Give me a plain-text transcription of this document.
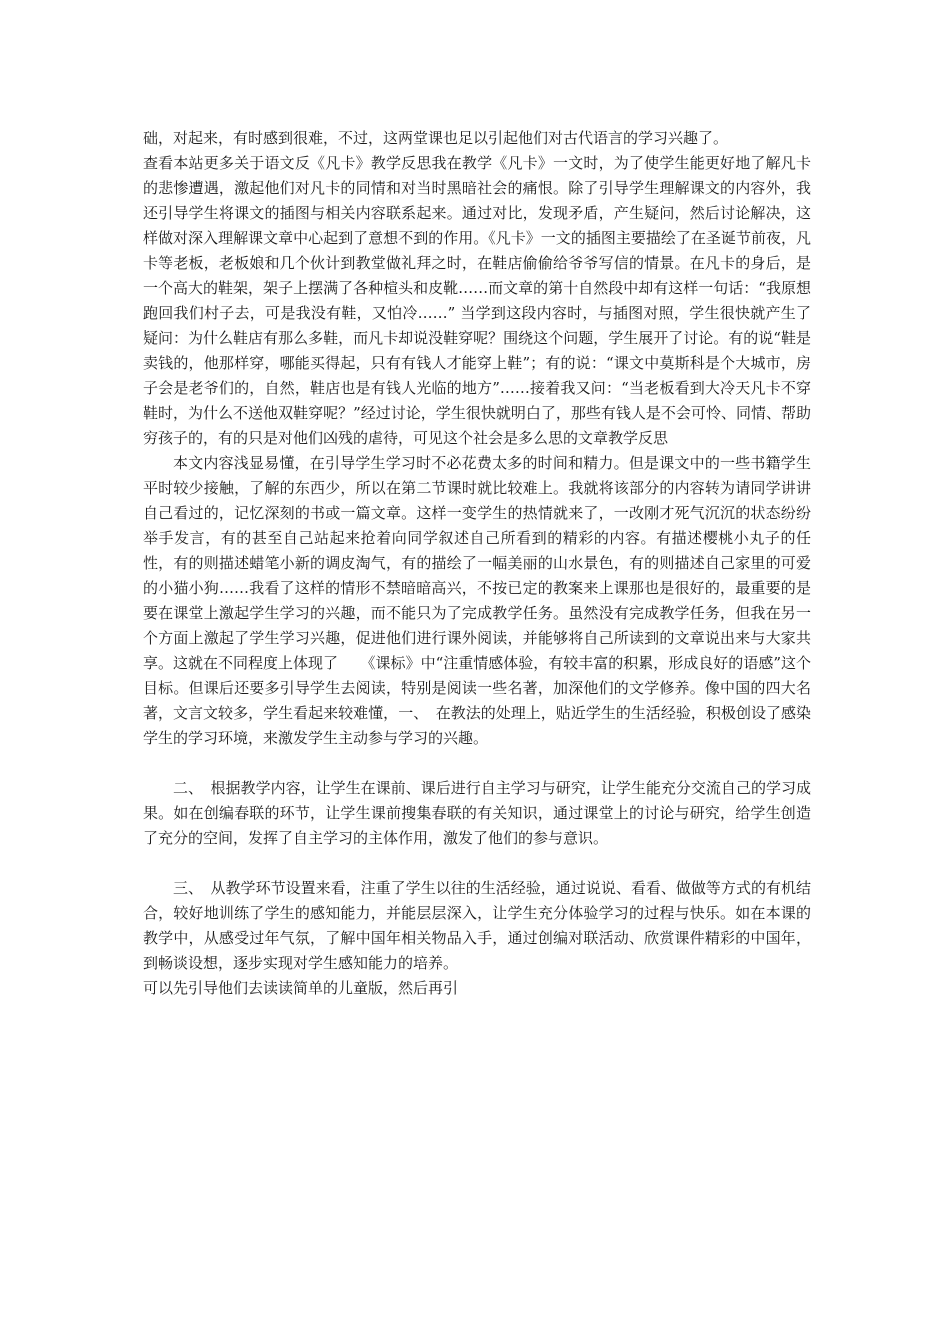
础，对起来，有时感到很难，不过，这两堂课也足以引起他们对古代语言的学习兴趣了。

查看本站更多关于语文反《凡卡》教学反思我在教学《凡卡》一文时，为了使学生能更好地了解凡卡的悲惨遭遇，激起他们对凡卡的同情和对当时黑暗社会的痛恨。除了引导学生理解课文的内容外，我还引导学生将课文的插图与相关内容联系起来。通过对比，发现矛盾，产生疑问，然后讨论解决，这样做对深入理解课文章中心起到了意想不到的作用。《凡卡》一文的插图主要描绘了在圣诞节前夜，凡卡等老板，老板娘和几个伙计到教堂做礼拜之时，在鞋店偷偷给爷爷写信的情景。在凡卡的身后，是一个高大的鞋架，架子上摆满了各种楦头和皮靴……而文章的第十自然段中却有这样一句话：“我原想跑回我们村子去，可是我没有鞋，又怕冷……” 当学到这段内容时，与插图对照，学生很快就产生了疑问：为什么鞋店有那么多鞋，而凡卡却说没鞋穿呢？围绕这个问题，学生展开了讨论。有的说“鞋是卖钱的，他那样穿，哪能买得起，只有有钱人才能穿上鞋”；有的说：“课文中莫斯科是个大城市，房子会是老爷们的，自然，鞋店也是有钱人光临的地方”……接着我又问：“当老板看到大冷天凡卡不穿鞋时，为什么不送他双鞋穿呢？”经过讨论，学生很快就明白了，那些有钱人是不会可怜、同情、帮助穷孩子的，有的只是对他们凶残的虐待，可见这个社会是多么思的文章教学反思

本文内容浅显易懂，在引导学生学习时不必花费太多的时间和精力。但是课文中的一些书籍学生平时较少接触，了解的东西少，所以在第二节课时就比较难上。我就将该部分的内容转为请同学讲讲自己看过的，记忆深刻的书或一篇文章。这样一变学生的热情就来了，一改刚才死气沉沉的状态纷纷举手发言，有的甚至自己站起来抢着向同学叙述自己所看到的精彩的内容。有描述樱桃小丸子的任性，有的则描述蜡笔小新的调皮淘气，有的描绘了一幅美丽的山水景色，有的则描述自己家里的可爱的小猫小狗……我看了这样的情形不禁暗暗高兴，不按已定的教案来上课那也是很好的，最重要的是要在课堂上激起学生学习的兴趣，而不能只为了完成教学任务。虽然没有完成教学任务，但我在另一个方面上激起了学生学习兴趣，促进他们进行课外阅读，并能够将自己所读到的文章说出来与大家共享。这就在不同程度上体现了　　《课标》中“注重情感体验，有较丰富的积累，形成良好的语感”这个目标。但课后还要多引导学生去阅读，特别是阅读一些名著，加深他们的文学修养。像中国的四大名著，文言文较多，学生看起来较难懂，一、　在教法的处理上，贴近学生的生活经验，积极创设了感染学生的学习环境，来激发学生主动参与学习的兴趣。

二、　根据教学内容，让学生在课前、课后进行自主学习与研究，让学生能充分交流自己的学习成果。如在创编春联的环节，让学生课前搜集春联的有关知识，通过课堂上的讨论与研究，给学生创造了充分的空间，发挥了自主学习的主体作用，激发了他们的参与意识。

三、　从教学环节设置来看，注重了学生以往的生活经验，通过说说、看看、做做等方式的有机结合，较好地训练了学生的感知能力，并能层层深入，让学生充分体验学习的过程与快乐。如在本课的教学中，从感受过年气氛，了解中国年相关物品入手，通过创编对联活动、欣赏课件精彩的中国年，到畅谈设想，逐步实现对学生感知能力的培养。

可以先引导他们去读读简单的儿童版，然后再引
